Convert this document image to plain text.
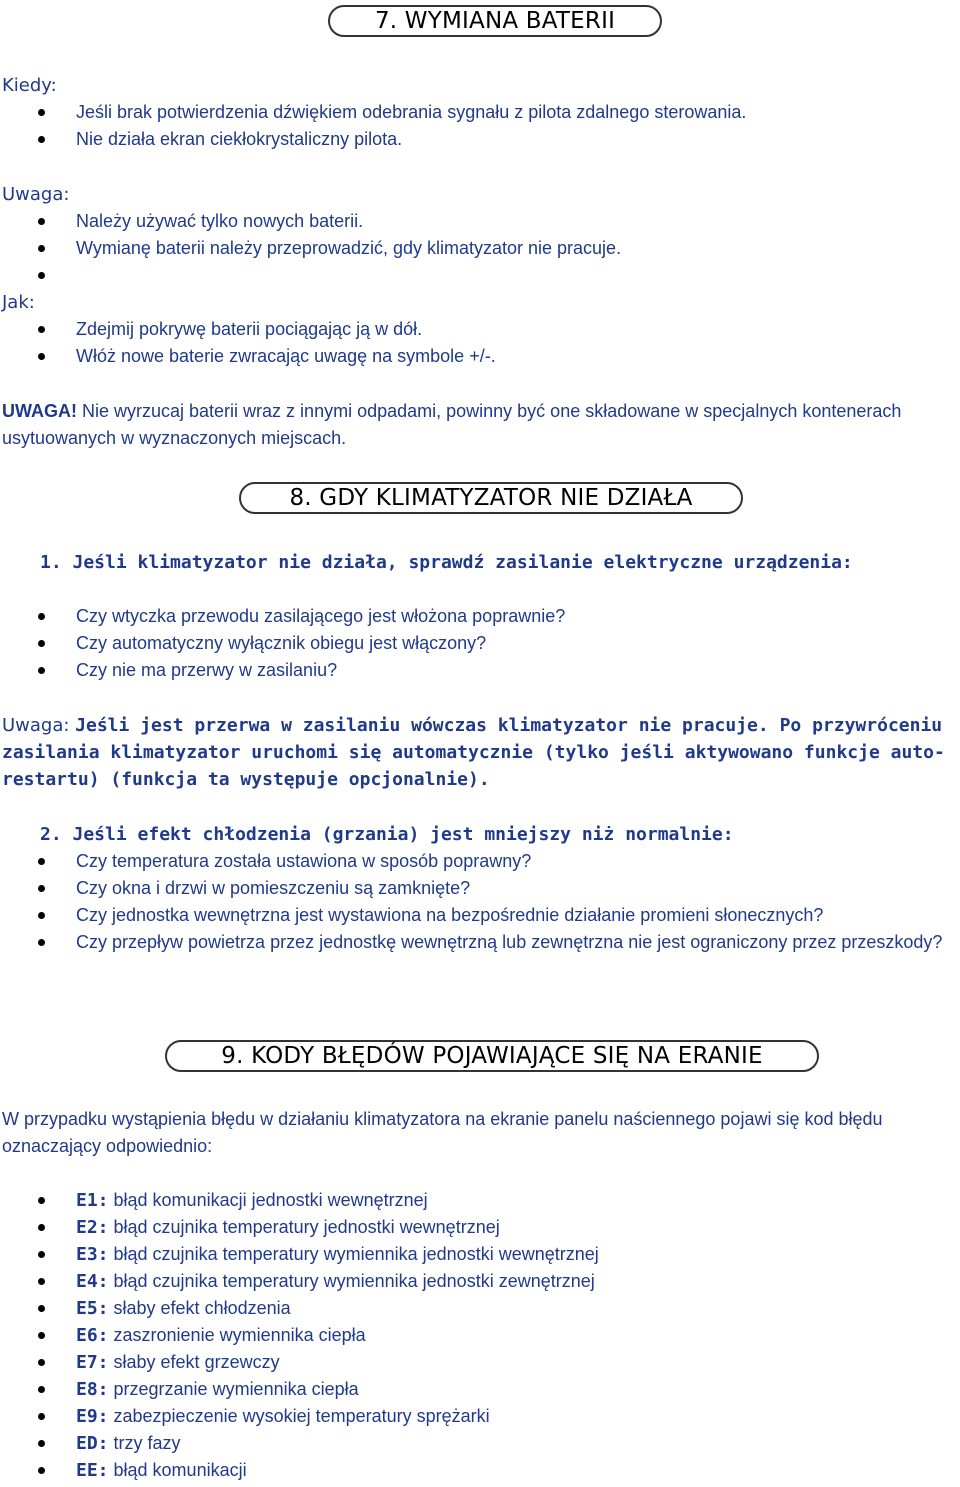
7. WYMIANA BATERII
Kiedy:
Jeśli brak potwierdzenia dźwiękiem odebrania sygnału z pilota zdalnego sterowania.
Nie działa ekran ciekłokrystaliczny pilota.
Uwaga:
Należy używać tylko nowych baterii.
Wymianę baterii należy przeprowadzić, gdy klimatyzator nie pracuje.

Jak:
Zdejmij pokrywę baterii pociągając ją w dół.
Włóż nowe baterie zwracając uwagę na symbole +/-.
UWAGA! Nie wyrzucaj baterii wraz z innymi odpadami, powinny być one składowane w specjalnych kontenerach usytuowanych w wyznaczonych miejscach.
8. GDY KLIMATYZATOR NIE DZIAŁA
1. Jeśli klimatyzator nie działa, sprawdź zasilanie elektryczne urządzenia:
Czy wtyczka przewodu zasilającego jest włożona poprawnie?
Czy automatyczny wyłącznik obiegu jest włączony?
Czy nie ma przerwy w zasilaniu?
Uwaga: Jeśli jest przerwa w zasilaniu wówczas klimatyzator nie pracuje. Po przywróceniu zasilania klimatyzator uruchomi się automatycznie (tylko jeśli aktywowano funkcje auto-restartu) (funkcja ta występuje opcjonalnie).
2. Jeśli efekt chłodzenia (grzania) jest mniejszy niż normalnie:
Czy temperatura została ustawiona w sposób poprawny?
Czy okna i drzwi w pomieszczeniu są zamknięte?
Czy jednostka wewnętrzna jest wystawiona na bezpośrednie działanie promieni słonecznych?
Czy przepływ powietrza przez jednostkę wewnętrzną lub zewnętrzna nie jest ograniczony przez przeszkody?
9. KODY BŁĘDÓW POJAWIAJĄCE SIĘ NA ERANIE
W przypadku wystąpienia błędu w działaniu klimatyzatora na ekranie panelu naściennego pojawi się kod błędu oznaczający odpowiednio:
E1: błąd komunikacji jednostki wewnętrznej
E2: błąd czujnika temperatury jednostki wewnętrznej
E3: błąd czujnika temperatury wymiennika jednostki wewnętrznej
E4: błąd czujnika temperatury wymiennika jednostki zewnętrznej
E5: słaby efekt chłodzenia
E6: zaszronienie wymiennika ciepła
E7: słaby efekt grzewczy
E8: przegrzanie wymiennika ciepła
E9: zabezpieczenie wysokiej temperatury sprężarki
ED: trzy fazy
EE: błąd komunikacji
